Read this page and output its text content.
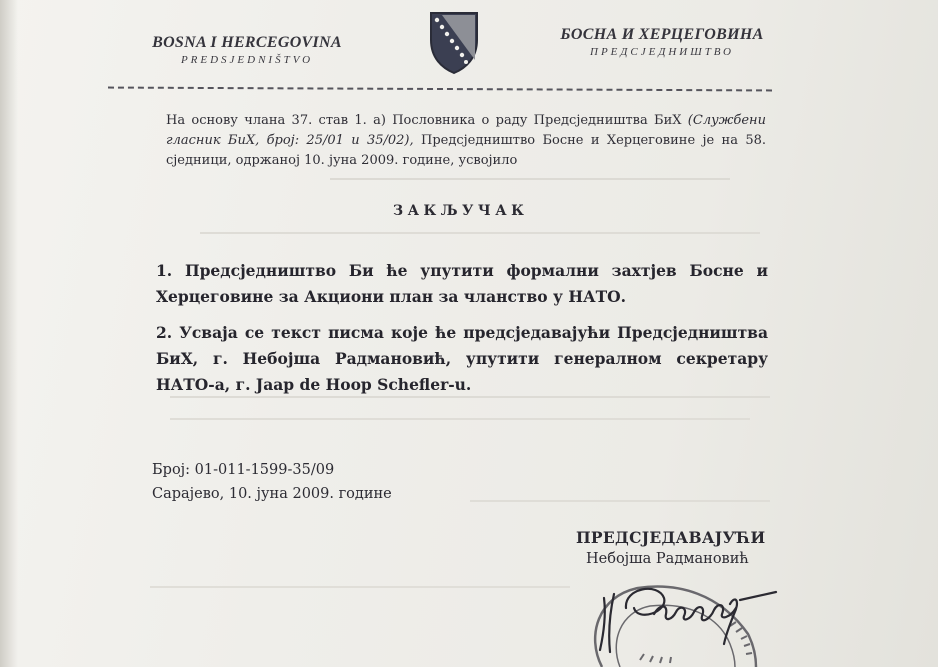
BOSNA I HERCEGOVINA
PREDSJEDNIŠTVO
БОСНА И ХЕРЦЕГОВИНА
ПРЕДСЈЕДНИШТВО
На основу члана 37. став 1. а) Пословника о раду Предсједништва БиХ (Службени гласник БиХ, број: 25/01 и 35/02), Предсједништво Босне и Херцеговине је на 58. сједници, одржаној 10. јуна 2009. године, усвојило
ЗАКЉУЧАК
1. Предсједништво Би ће упутити формални захтјев Босне и Херцеговине за Акциони план за чланство у НАТО.
2. Усваја се текст писма које ће предсједавајући Предсједништва БиХ, г. Небојша Радмановић, упутити генералном секретару НАТО-а, г. Jaap de Hoop Schefler-u.
Број: 01-011-1599-35/09
Сарајево, 10. јуна 2009. године
ПРЕДСЈЕДАВАЈУЋИ
Небојша Радмановић
